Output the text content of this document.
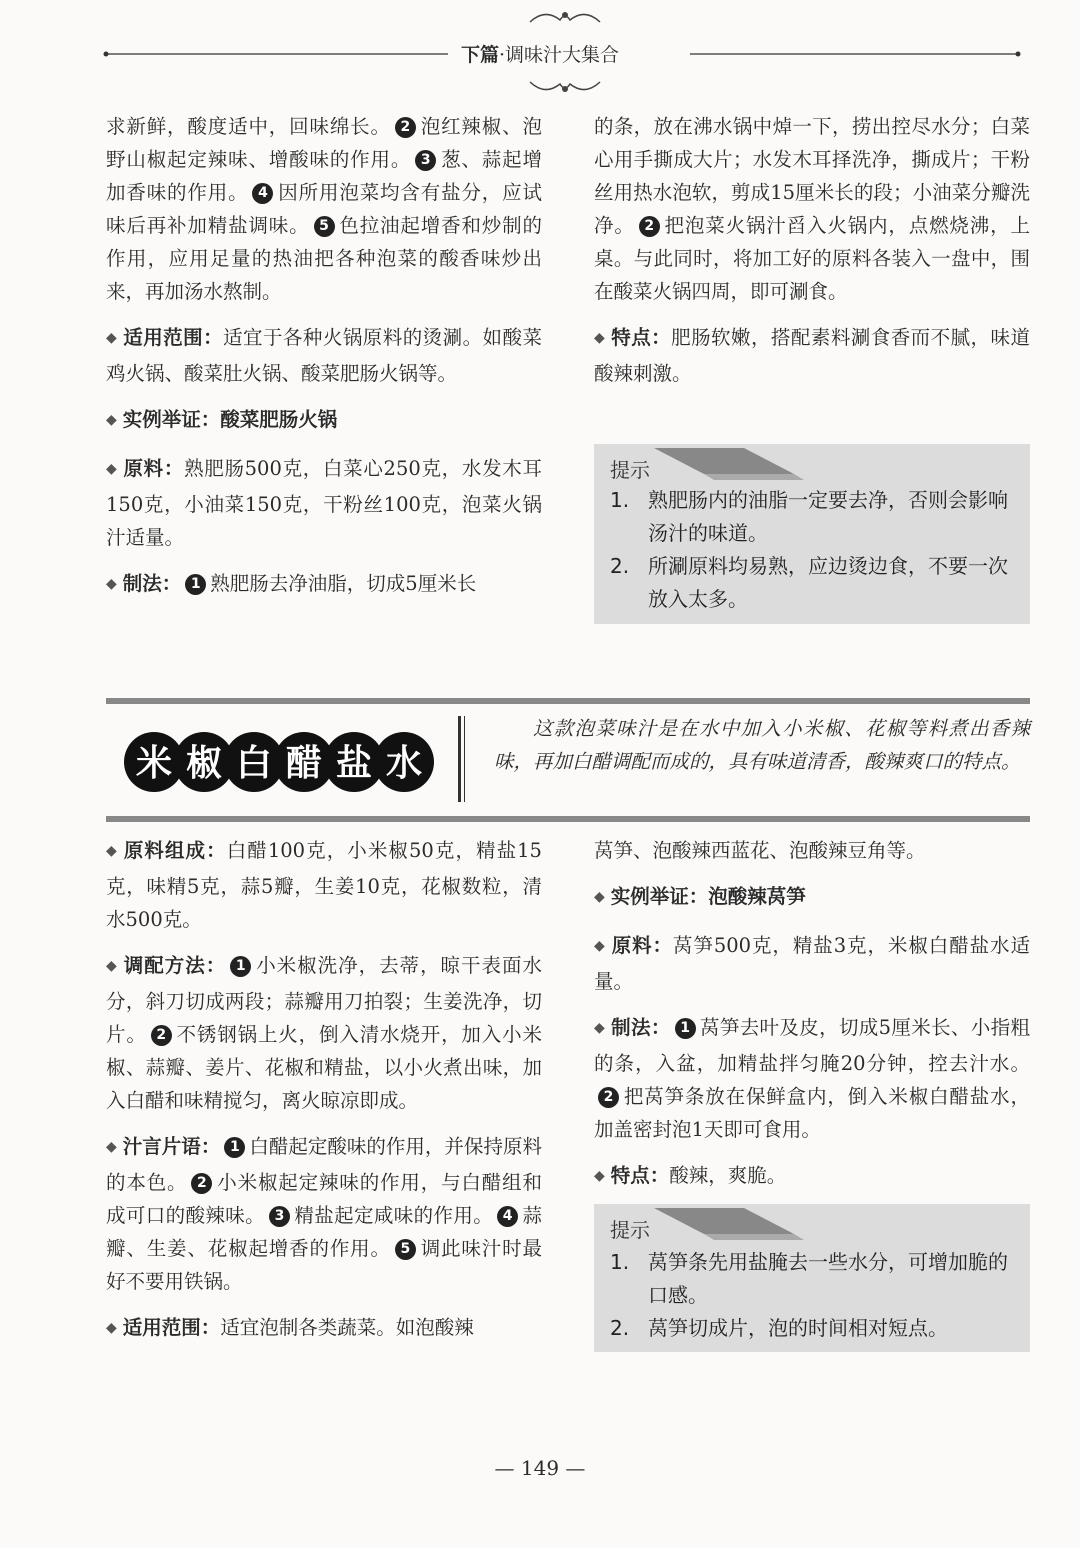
下篇·调味汁大集合

求新鲜，酸度适中，回味绵长。 2 泡红辣椒、泡野山椒起定辣味、增酸味的作用。 3 葱、蒜起增加香味的作用。 4 因所用泡菜均含有盐分，应试味后再补加精盐调味。 5 色拉油起增香和炒制的作用，应用足量的热油把各种泡菜的酸香味炒出来，再加汤水熬制。

◆ 适用范围：适宜于各种火锅原料的烫涮。如酸菜鸡火锅、酸菜肚火锅、酸菜肥肠火锅等。

◆ 实例举证：酸菜肥肠火锅

◆ 原料：熟肥肠500克，白菜心250克，水发木耳150克，小油菜150克，干粉丝100克，泡菜火锅汁适量。

◆ 制法： 1 熟肥肠去净油脂，切成5厘米长

的条，放在沸水锅中焯一下，捞出控尽水分；白菜心用手撕成大片；水发木耳择洗净，撕成片；干粉丝用热水泡软，剪成15厘米长的段；小油菜分瓣洗净。 2 把泡菜火锅汁舀入火锅内，点燃烧沸，上桌。与此同时，将加工好的原料各装入一盘中，围在酸菜火锅四周，即可涮食。

◆ 特点：肥肠软嫩，搭配素料涮食香而不腻，味道酸辣刺激。

提示
1. 熟肥肠内的油脂一定要去净，否则会影响汤汁的味道。
2. 所涮原料均易熟，应边烫边食，不要一次放入太多。
米 椒 白 醋 盐 水
这款泡菜味汁是在水中加入小米椒、花椒等料煮出香辣味，再加白醋调配而成的，具有味道清香，酸辣爽口的特点。

◆ 原料组成：白醋100克，小米椒50克，精盐15克，味精5克，蒜5瓣，生姜10克，花椒数粒，清水500克。

◆ 调配方法： 1 小米椒洗净，去蒂，晾干表面水分，斜刀切成两段；蒜瓣用刀拍裂；生姜洗净，切片。 2 不锈钢锅上火，倒入清水烧开，加入小米椒、蒜瓣、姜片、花椒和精盐，以小火煮出味，加入白醋和味精搅匀，离火晾凉即成。

◆ 汁言片语： 1 白醋起定酸味的作用，并保持原料的本色。 2 小米椒起定辣味的作用，与白醋组和成可口的酸辣味。 3 精盐起定咸味的作用。 4 蒜瓣、生姜、花椒起增香的作用。 5 调此味汁时最好不要用铁锅。

◆ 适用范围：适宜泡制各类蔬菜。如泡酸辣

莴笋、泡酸辣西蓝花、泡酸辣豆角等。

◆ 实例举证：泡酸辣莴笋

◆ 原料：莴笋500克，精盐3克，米椒白醋盐水适量。

◆ 制法： 1 莴笋去叶及皮，切成5厘米长、小指粗的条，入盆，加精盐拌匀腌20分钟，控去汁水。2 把莴笋条放在保鲜盒内，倒入米椒白醋盐水，加盖密封泡1天即可食用。

◆ 特点：酸辣，爽脆。

提示
1. 莴笋条先用盐腌去一些水分，可增加脆的口感。
2. 莴笋切成片，泡的时间相对短点。
— 149 —
